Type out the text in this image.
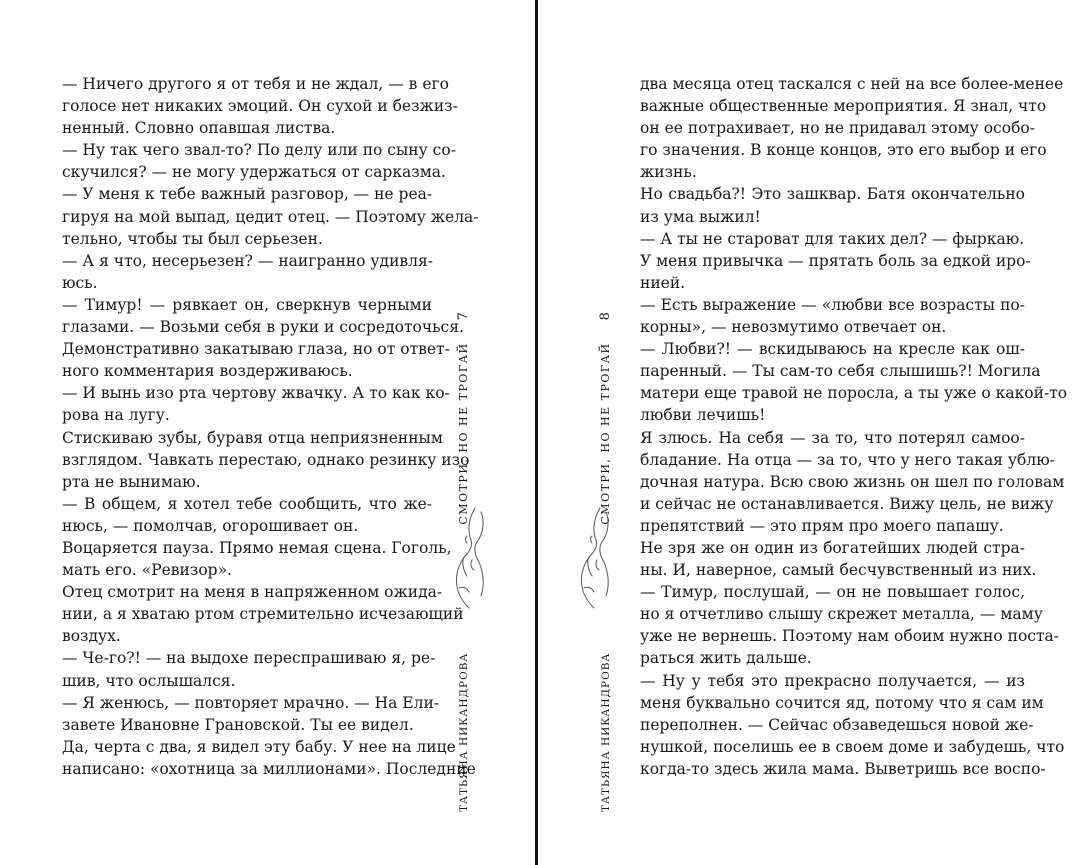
— Ничего другого я от тебя и не ждал, — в его
голосе нет никаких эмоций. Он сухой и безжиз-
ненный. Словно опавшая листва.
— Ну так чего звал-то? По делу или по сыну со-
скучился? — не могу удержаться от сарказма.
— У меня к тебе важный разговор, — не реа-
гируя на мой выпад, цедит отец. — Поэтому жела-
тельно, чтобы ты был серьезен.
— А я что, несерьезен? — наигранно удивля-
юсь.
— Тимур! — рявкает он, сверкнув черными
глазами. — Возьми себя в руки и сосредоточься.
Демонстративно закатываю глаза, но от ответ-
ного комментария воздерживаюсь.
— И вынь изо рта чертову жвачку. А то как ко-
рова на лугу.
Стискиваю зубы, буравя отца неприязненным
взглядом. Чавкать перестаю, однако резинку изо
рта не вынимаю.
— В общем, я хотел тебе сообщить, что же-
нюсь, — помолчав, огорошивает он.
Воцаряется пауза. Прямо немая сцена. Гоголь,
мать его. «Ревизор».
Отец смотрит на меня в напряженном ожида-
нии, а я хватаю ртом стремительно исчезающий
воздух.
— Че-го?! — на выдохе переспрашиваю я, ре-
шив, что ослышался.
— Я женюсь, — повторяет мрачно. — На Ели-
завете Ивановне Грановской. Ты ее видел.
Да, черта с два, я видел эту бабу. У нее на лице
написано: «охотница за миллионами». Последние
ТАТЬЯНА НИКАНДРОВАСМОТРИ, НО НЕ ТРОГАЙ7
два месяца отец таскался с ней на все более-менее
важные общественные мероприятия. Я знал, что
он ее потрахивает, но не придавал этому особо-
го значения. В конце концов, это его выбор и его
жизнь.
Но свадьба?! Это зашквар. Батя окончательно
из ума выжил!
— А ты не староват для таких дел? — фыркаю.
У меня привычка — прятать боль за едкой иро-
нией.
— Есть выражение — «любви все возрасты по-
корны», — невозмутимо отвечает он.
— Любви?! — вскидываюсь на кресле как ош-
паренный. — Ты сам-то себя слышишь?! Могила
матери еще травой не поросла, а ты уже о какой-то
любви лечишь!
Я злюсь. На себя — за то, что потерял самоо-
бладание. На отца — за то, что у него такая ублю-
дочная натура. Всю свою жизнь он шел по головам
и сейчас не останавливается. Вижу цель, не вижу
препятствий — это прям про моего папашу.
Не зря же он один из богатейших людей стра-
ны. И, наверное, самый бесчувственный из них.
— Тимур, послушай, — он не повышает голос,
но я отчетливо слышу скрежет металла, — маму
уже не вернешь. Поэтому нам обоим нужно поста-
раться жить дальше.
— Ну у тебя это прекрасно получается, — из
меня буквально сочится яд, потому что я сам им
переполнен. — Сейчас обзаведешься новой же-
нушкой, поселишь ее в своем доме и забудешь, что
когда-то здесь жила мама. Выветришь все воспо-
ТАТЬЯНА НИКАНДРОВАСМОТРИ, НО НЕ ТРОГАЙ8
